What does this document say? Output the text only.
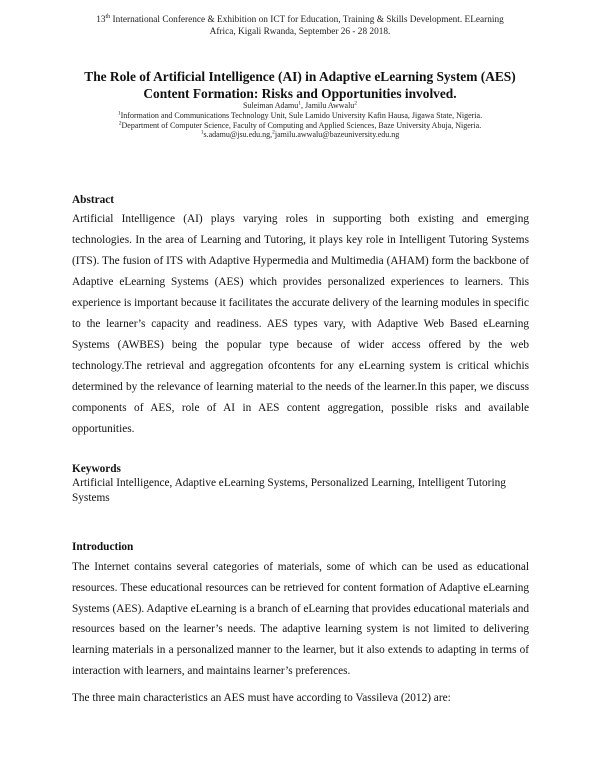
13th International Conference & Exhibition on ICT for Education, Training & Skills Development. ELearning
Africa, Kigali Rwanda, September 26 - 28 2018.
The Role of Artificial Intelligence (AI) in Adaptive eLearning System (AES)
Content Formation: Risks and Opportunities involved.
Suleiman Adamu$^1$, Jamilu Awwalu$^2$
$^1$Information and Communications Technology Unit, Sule Lamido University Kafin Hausa, Jigawa State, Nigeria.
$^2$Department of Computer Science, Faculty of Computing and Applied Sciences, Baze University Abuja, Nigeria.
$^1$s.adamu@jsu.edu.ng,$^2$jamilu.awwalu@bazeuniversity.edu.ng
Abstract
Artificial Intelligence (AI) plays varying roles in supporting both existing and emerging technologies. In the area of Learning and Tutoring, it plays key role in Intelligent Tutoring Systems (ITS). The fusion of ITS with Adaptive Hypermedia and Multimedia (AHAM) form the backbone of Adaptive eLearning Systems (AES) which provides personalized experiences to learners. This experience is important because it facilitates the accurate delivery of the learning modules in specific to the learner’s capacity and readiness. AES types vary, with Adaptive Web Based eLearning Systems (AWBES) being the popular type because of wider access offered by the web technology.The retrieval and aggregation ofcontents for any eLearning system is critical whichis determined by the relevance of learning material to the needs of the learner.In this paper, we discuss components of AES, role of AI in AES content aggregation, possible risks and available opportunities.
Keywords
Artificial Intelligence, Adaptive eLearning Systems, Personalized Learning, Intelligent Tutoring Systems
Introduction
The Internet contains several categories of materials, some of which can be used as educational resources. These educational resources can be retrieved for content formation of Adaptive eLearning Systems (AES). Adaptive eLearning is a branch of eLearning that provides educational materials and resources based on the learner’s needs. The adaptive learning system is not limited to delivering learning materials in a personalized manner to the learner, but it also extends to adapting in terms of interaction with learners, and maintains learner’s preferences.
The three main characteristics an AES must have according to Vassileva (2012) are:
